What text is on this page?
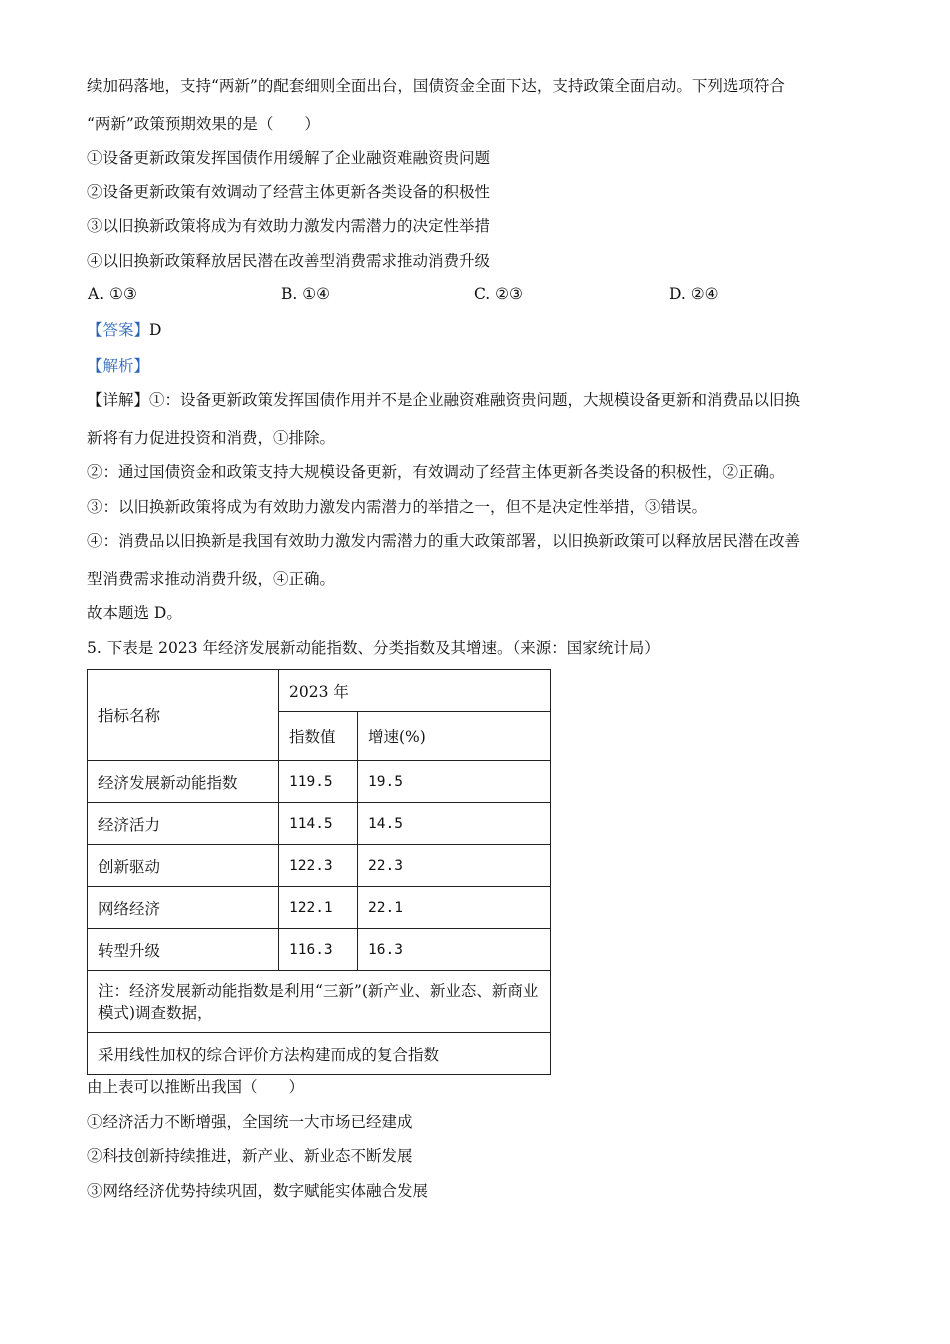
续加码落地，支持“两新”的配套细则全面出台，国债资金全面下达，支持政策全面启动。下列选项符合
“两新”政策预期效果的是（　　）
①设备更新政策发挥国债作用缓解了企业融资难融资贵问题
②设备更新政策有效调动了经营主体更新各类设备的积极性
③以旧换新政策将成为有效助力激发内需潜力的决定性举措
④以旧换新政策释放居民潜在改善型消费需求推动消费升级
A. ①③	B. ①④	C. ②③	D. ②④
【答案】D
【解析】
【详解】①：设备更新政策发挥国债作用并不是企业融资难融资贵问题，大规模设备更新和消费品以旧换
新将有力促进投资和消费，①排除。
②：通过国债资金和政策支持大规模设备更新，有效调动了经营主体更新各类设备的积极性，②正确。
③：以旧换新政策将成为有效助力激发内需潜力的举措之一，但不是决定性举措，③错误。
④：消费品以旧换新是我国有效助力激发内需潜力的重大政策部署，以旧换新政策可以释放居民潜在改善
型消费需求推动消费升级，④正确。
故本题选 D。
5. 下表是 2023 年经济发展新动能指数、分类指数及其增速。（来源：国家统计局）
指标名称	2023 年	
	指数值	增速(%)
经济发展新动能指数	119.5	19.5
经济活力	114.5	14.5
创新驱动	122.3	22.3
网络经济	122.1	22.1
转型升级	116.3	16.3
注：经济发展新动能指数是利用“三新”(新产业、新业态、新商业模式)调查数据，		
采用线性加权的综合评价方法构建而成的复合指数		
由上表可以推断出我国（　　）
①经济活力不断增强，全国统一大市场已经建成
②科技创新持续推进，新产业、新业态不断发展
③网络经济优势持续巩固，数字赋能实体融合发展
